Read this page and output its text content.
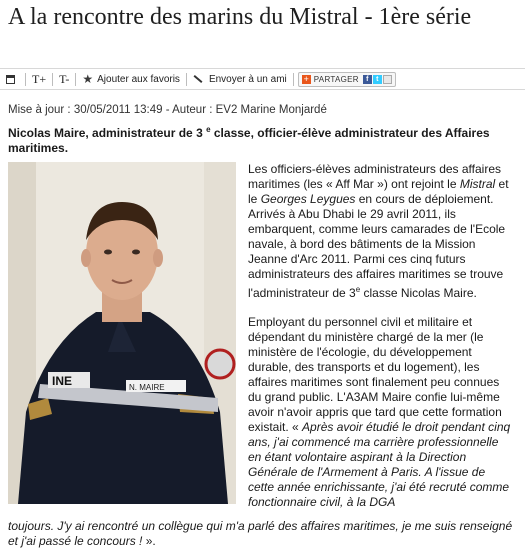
A la rencontre des marins du Mistral - 1ère série
T+	T-	★ Ajouter aux favoris	Envoyer à un ami + PARTAGER	f	t
Mise à jour : 30/05/2011 13:49 - Auteur : EV2 Marine Monjardé

Nicolas Maire, administrateur de 3 $^e$ classe, officier-élève administrateur des Affaires maritimes.

INE	N. MAIRE

Les officiers-élèves administrateurs des affaires maritimes (les « Aff Mar ») ont rejoint le Mistral et le Georges Leygues en cours de déploiement. Arrivés à Abu Dhabi le 29 avril 2011, ils embarquent, comme leurs camarades de l'Ecole navale, à bord des bâtiments de la Mission Jeanne d'Arc 2011. Parmi ces cinq futurs administrateurs des affaires maritimes se trouve l'administrateur de 3e classe Nicolas Maire.

Employant du personnel civil et militaire et dépendant du ministère chargé de la mer (le ministère de l'écologie, du développement durable, des transports et du logement), les affaires maritimes sont finalement peu connues du grand public. L'A3AM Maire confie lui-même avoir n'avoir appris que tard que cette formation existait. « Après avoir étudié le droit pendant cinq ans, j'ai commencé ma carrière professionnelle en étant volontaire aspirant à la Direction Générale de l'Armement à Paris. A l'issue de cette année enrichissante, j'ai été recruté comme fonctionnaire civil, à la DGA

toujours. J'y ai rencontré un collègue qui m'a parlé des affaires maritimes, je me suis renseigné et j'ai passé le concours ! ».
